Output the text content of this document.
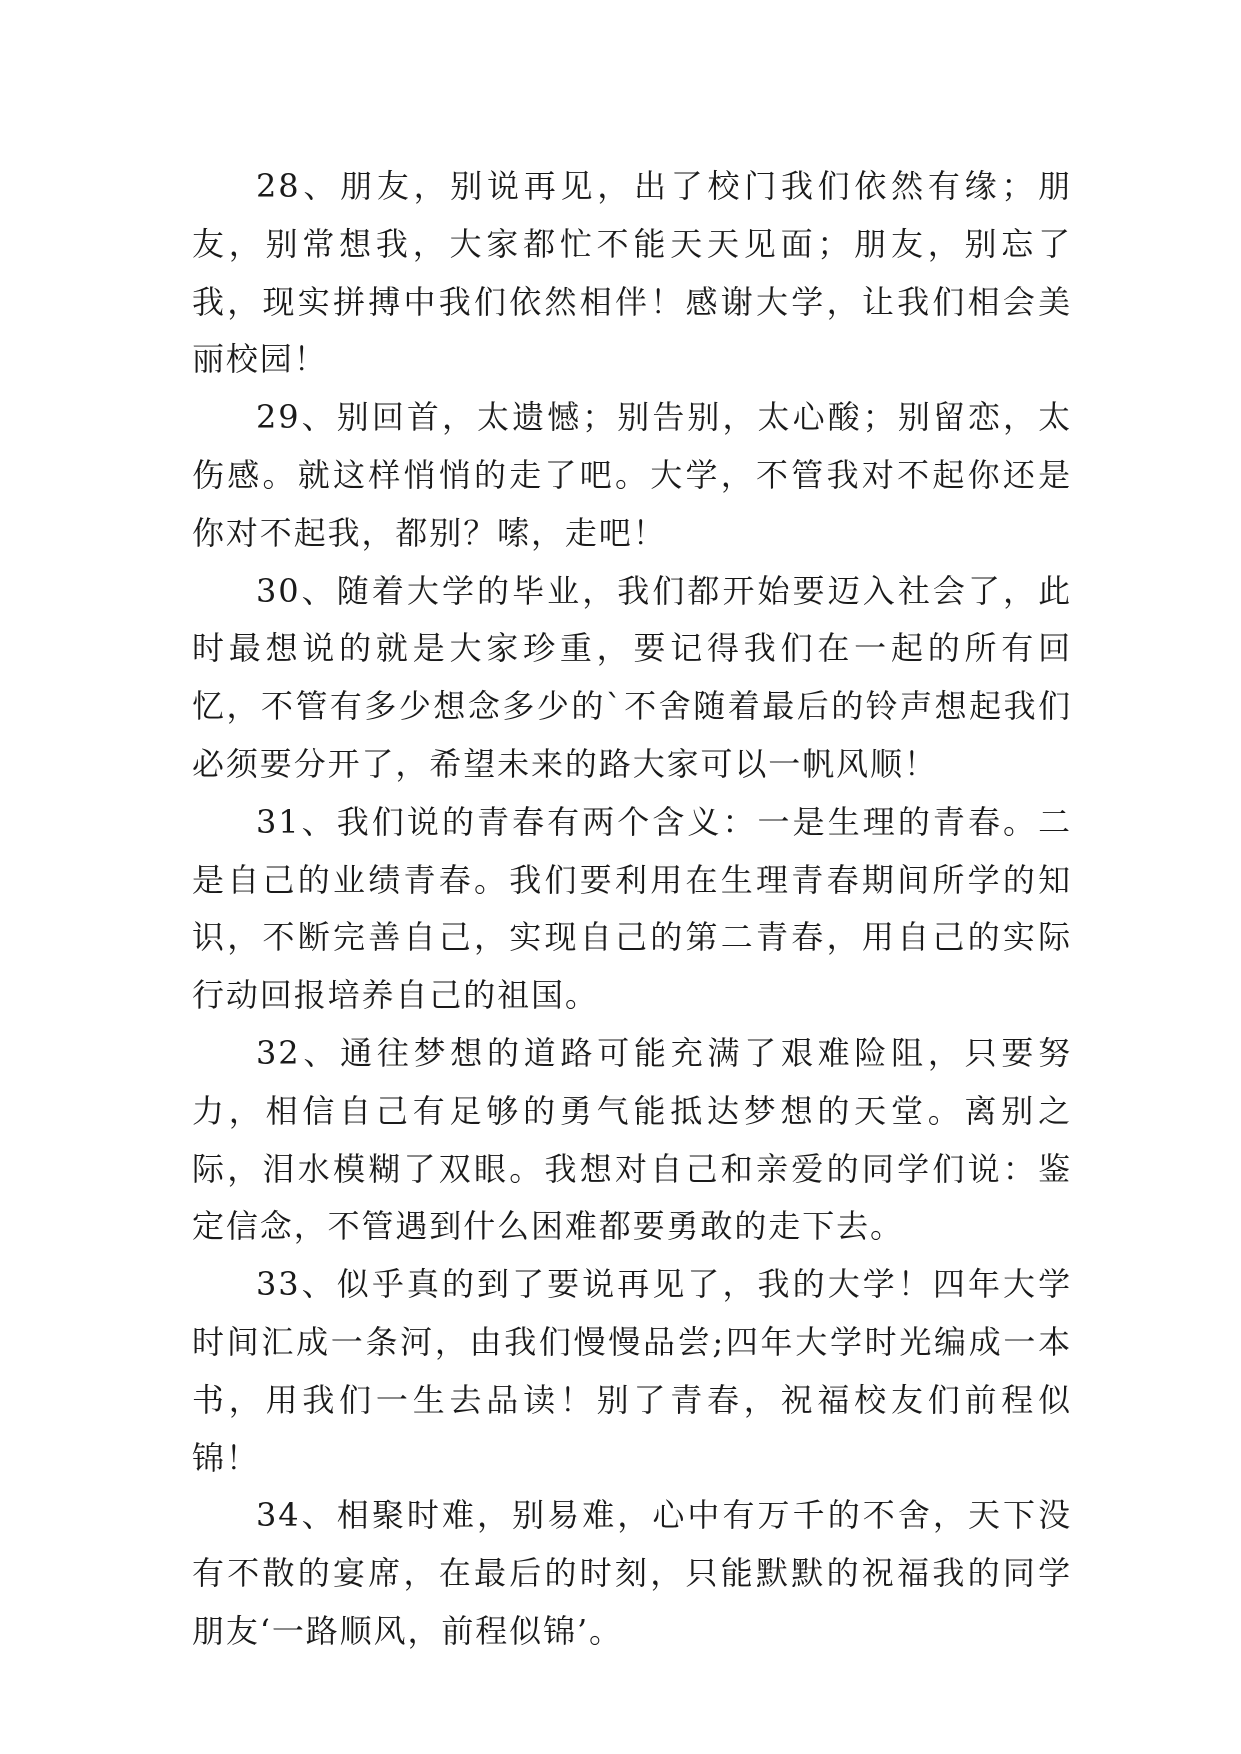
28、朋友，别说再见，出了校门我们依然有缘；朋友，别常想我，大家都忙不能天天见面；朋友，别忘了我，现实拼搏中我们依然相伴！感谢大学，让我们相会美丽校园！

29、别回首，太遗憾；别告别，太心酸；别留恋，太伤感。就这样悄悄的走了吧。大学，不管我对不起你还是你对不起我，都别？嗦，走吧！

30、随着大学的毕业，我们都开始要迈入社会了，此时最想说的就是大家珍重，要记得我们在一起的所有回忆，不管有多少想念多少的`不舍随着最后的铃声想起我们必须要分开了，希望未来的路大家可以一帆风顺！

31、我们说的青春有两个含义：一是生理的青春。二是自己的业绩青春。我们要利用在生理青春期间所学的知识，不断完善自己，实现自己的第二青春，用自己的实际行动回报培养自己的祖国。

32、通往梦想的道路可能充满了艰难险阻，只要努力，相信自己有足够的勇气能抵达梦想的天堂。离别之际，泪水模糊了双眼。我想对自己和亲爱的同学们说：鉴定信念，不管遇到什么困难都要勇敢的走下去。

33、似乎真的到了要说再见了，我的大学！四年大学时间汇成一条河，由我们慢慢品尝;四年大学时光编成一本书，用我们一生去品读！别了青春，祝福校友们前程似锦！

34、相聚时难，别易难，心中有万千的不舍，天下没有不散的宴席，在最后的时刻，只能默默的祝福我的同学朋友‘一路顺风，前程似锦’。
